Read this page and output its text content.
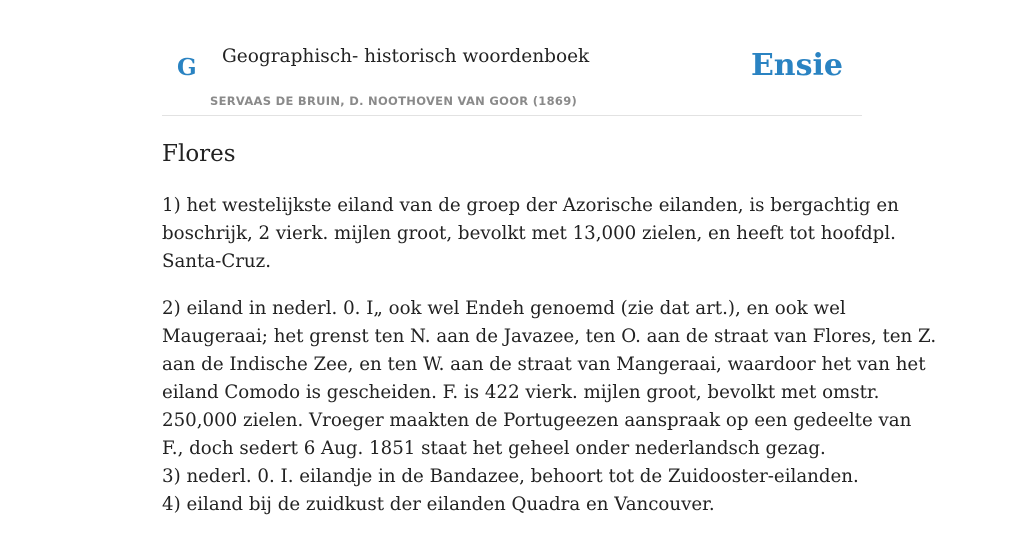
G Geographisch- historisch woordenboek
SERVAAS DE BRUIN, D. NOOTHOVEN VAN GOOR (1869)
Ensie
Flores

1) het westelijkste eiland van de groep der Azorische eilanden, is bergachtig en
boschrijk, 2 vierk. mijlen groot, bevolkt met 13,000 zielen, en heeft tot hoofdpl.
Santa-Cruz.

2) eiland in nederl. 0. I„ ook wel Endeh genoemd (zie dat art.), en ook wel
Maugeraai; het grenst ten N. aan de Javazee, ten O. aan de straat van Flores, ten Z.
aan de Indische Zee, en ten W. aan de straat van Mangeraai, waardoor het van het
eiland Comodo is gescheiden. F. is 422 vierk. mijlen groot, bevolkt met omstr.
250,000 zielen. Vroeger maakten de Portugeezen aanspraak op een gedeelte van
F., doch sedert 6 Aug. 1851 staat het geheel onder nederlandsch gezag.
3) nederl. 0. I. eilandje in de Bandazee, behoort tot de Zuidooster-eilanden.
4) eiland bij de zuidkust der eilanden Quadra en Vancouver.
